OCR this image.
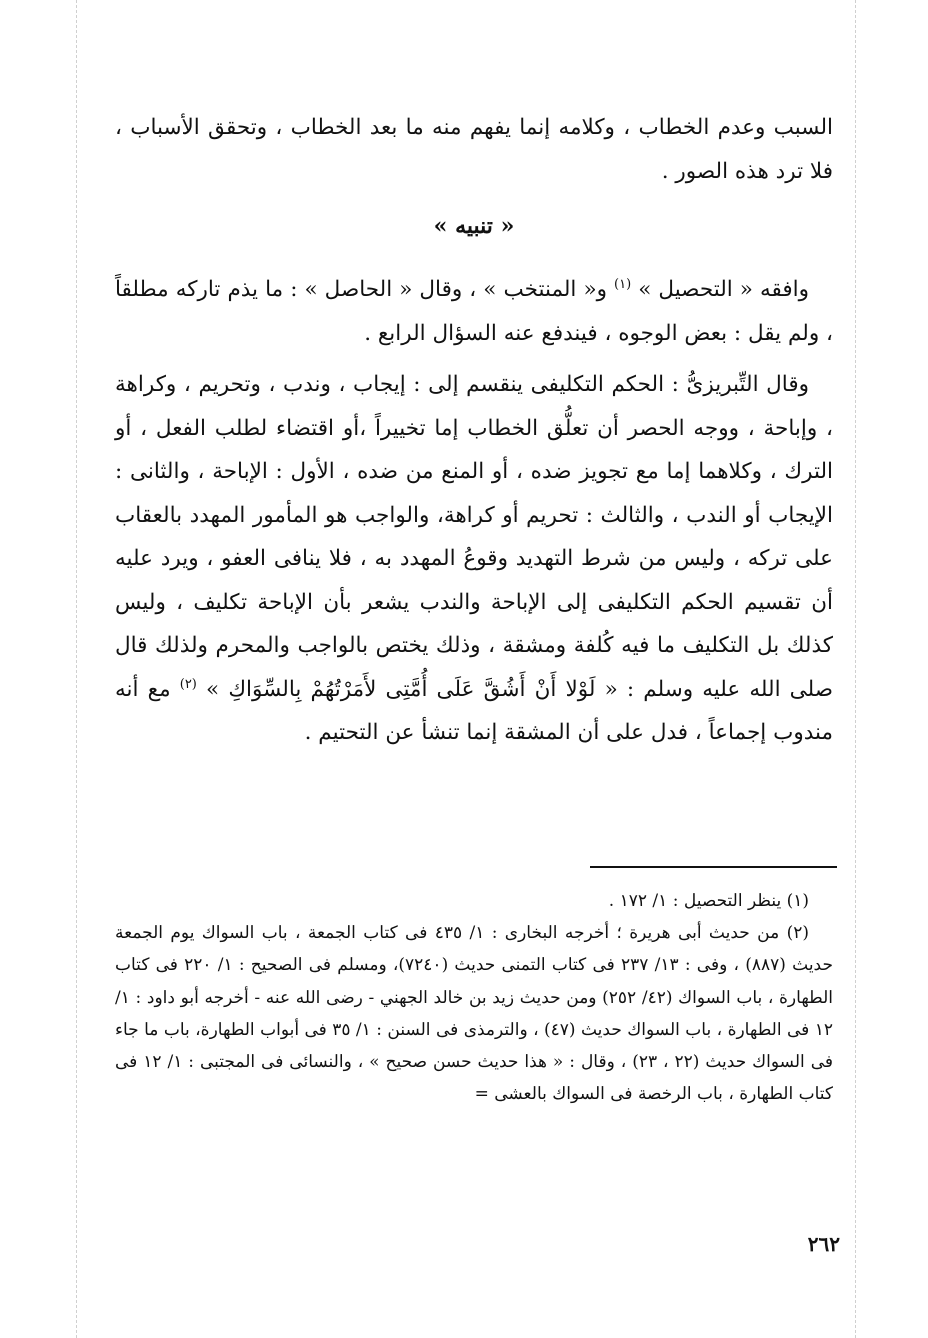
السبب وعدم الخطاب ، وكلامه إنما يفهم منه ما بعد الخطاب ، وتحقق الأسباب ، فلا ترد هذه الصور .

« تنبيه »

وافقه « التحصيل » $^{(١)}$ و« المنتخب » ، وقال « الحاصل » : ما يذم تاركه مطلقاً ، ولم يقل : بعض الوجوه ، فيندفع عنه السؤال الرابع .

وقال التِّبريزىُّ : الحكم التكليفى ينقسم إلى : إيجاب ، وندب ، وتحريم ، وكراهة ، وإباحة ، ووجه الحصر أن تعلُّق الخطاب إما تخييراً ،أو اقتضاء لطلب الفعل ، أو الترك ، وكلاهما إما مع تجويز ضده ، أو المنع من ضده ، الأول : الإباحة ، والثانى : الإيجاب أو الندب ، والثالث : تحريم أو كراهة، والواجب هو المأمور المهدد بالعقاب على تركه ، وليس من شرط التهديد وقوعُ المهدد به ، فلا ينافى العفو ، ويرد عليه أن تقسيم الحكم التكليفى إلى الإباحة والندب يشعر بأن الإباحة تكليف ، وليس كذلك بل التكليف ما فيه كُلفة ومشقة ، وذلك يختص بالواجب والمحرم ولذلك قال صلى الله عليه وسلم : « لَوْلا أَنْ أَشُقَّ عَلَى أُمَّتِى لأَمَرْتُهُمْ بِالسِّوَاكِ » $^{(٢)}$ مع أنه مندوب إجماعاً ، فدل على أن المشقة إنما تنشأ عن التحتيم .

(١) ينظر التحصيل : ١/ ١٧٢ .

(٢) من حديث أبى هريرة ؛ أخرجه البخارى : ١/ ٤٣٥ فى كتاب الجمعة ، باب السواك يوم الجمعة حديث (٨٨٧) ، وفى : ١٣/ ٢٣٧ فى كتاب التمنى حديث (٧٢٤٠)، ومسلم فى الصحيح : ١/ ٢٢٠ فى كتاب الطهارة ، باب السواك (٤٢/ ٢٥٢) ومن حديث زيد بن خالد الجهني - رضى الله عنه - أخرجه أبو داود : ١/ ١٢ فى الطهارة ، باب السواك حديث (٤٧) ، والترمذى فى السنن : ١/ ٣٥ فى أبواب الطهارة، باب ما جاء فى السواك حديث (٢٢ ، ٢٣) ، وقال : « هذا حديث حسن صحيح » ، والنسائى فى المجتبى : ١/ ١٢ فى كتاب الطهارة ، باب الرخصة فى السواك بالعشى =

٢٦٢
